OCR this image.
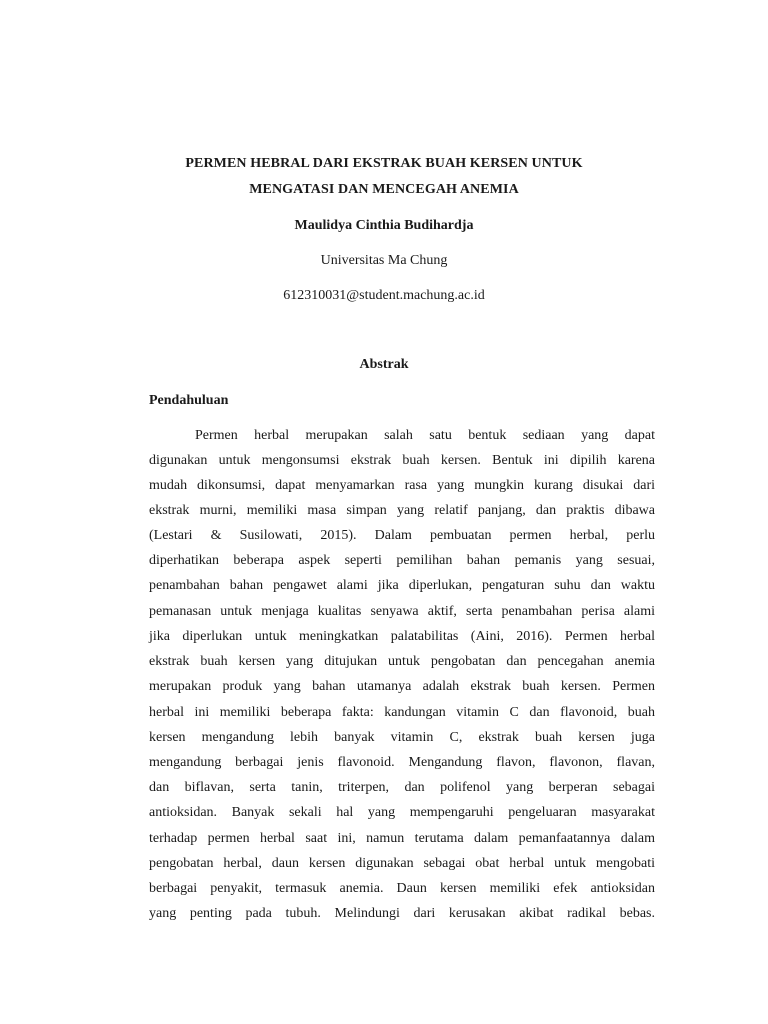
PERMEN HEBRAL DARI EKSTRAK BUAH KERSEN UNTUK
MENGATASI DAN MENCEGAH ANEMIA
Maulidya Cinthia Budihardja
Universitas Ma Chung
612310031@student.machung.ac.id
Abstrak
Pendahuluan
Permen herbal merupakan salah satu bentuk sediaan yang dapat
digunakan untuk mengonsumsi ekstrak buah kersen. Bentuk ini dipilih karena
mudah dikonsumsi, dapat menyamarkan rasa yang mungkin kurang disukai dari
ekstrak murni, memiliki masa simpan yang relatif panjang, dan praktis dibawa
(Lestari & Susilowati, 2015). Dalam pembuatan permen herbal, perlu
diperhatikan beberapa aspek seperti pemilihan bahan pemanis yang sesuai,
penambahan bahan pengawet alami jika diperlukan, pengaturan suhu dan waktu
pemanasan untuk menjaga kualitas senyawa aktif, serta penambahan perisa alami
jika diperlukan untuk meningkatkan palatabilitas (Aini, 2016). Permen herbal
ekstrak buah kersen yang ditujukan untuk pengobatan dan pencegahan anemia
merupakan produk yang bahan utamanya adalah ekstrak buah kersen. Permen
herbal ini memiliki beberapa fakta: kandungan vitamin C dan flavonoid, buah
kersen mengandung lebih banyak vitamin C, ekstrak buah kersen juga
mengandung berbagai jenis flavonoid. Mengandung flavon, flavonon, flavan,
dan biflavan, serta tanin, triterpen, dan polifenol yang berperan sebagai
antioksidan. Banyak sekali hal yang mempengaruhi pengeluaran masyarakat
terhadap permen herbal saat ini, namun terutama dalam pemanfaatannya dalam
pengobatan herbal, daun kersen digunakan sebagai obat herbal untuk mengobati
berbagai penyakit, termasuk anemia. Daun kersen memiliki efek antioksidan
yang penting pada tubuh. Melindungi dari kerusakan akibat radikal bebas.
